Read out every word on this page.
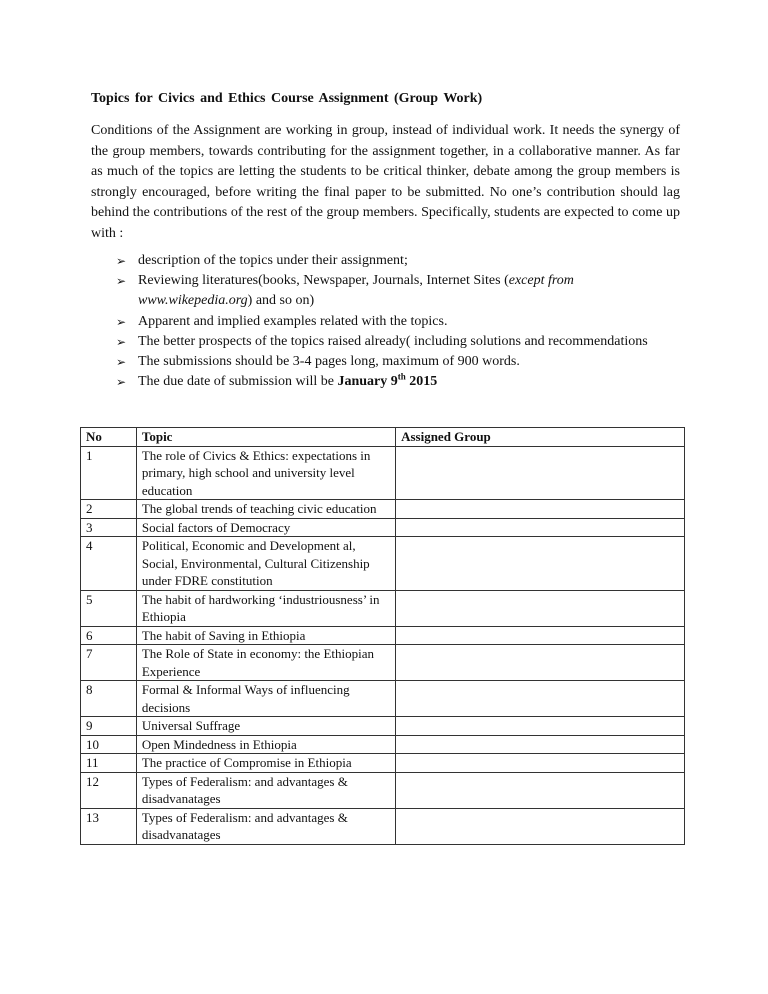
Topics for Civics and Ethics Course Assignment (Group Work)

Conditions of the Assignment are working in group, instead of individual work. It needs the synergy of the group members, towards contributing for the assignment together, in a collaborative manner. As far as much of the topics are letting the students to be critical thinker, debate among the group members is strongly encouraged, before writing the final paper to be submitted. No one’s contribution should lag behind the contributions of the rest of the group members. Specifically, students are expected to come up with :

➢ description of the topics under their assignment;
➢ Reviewing literatures(books, Newspaper, Journals, Internet Sites (except from www.wikepedia.org) and so on)
➢ Apparent and implied examples related with the topics.
➢ The better prospects of the topics raised already( including solutions and recommendations
➢ The submissions should be 3-4 pages long, maximum of 900 words.
➢ The due date of submission will be January 9th 2015
No	Topic	Assigned Group
1	The role of Civics & Ethics: expectations in primary, high school and university level education	
2	The global trends of teaching civic education	
3	Social factors of Democracy	
4	Political, Economic and Development al, Social, Environmental, Cultural Citizenship under FDRE constitution	
5	The habit of hardworking ‘industriousness’ in Ethiopia	
6	The habit of Saving in Ethiopia	
7	The Role of State in economy: the Ethiopian Experience	
8	Formal & Informal Ways of influencing decisions	
9	Universal Suffrage	
10	Open Mindedness in Ethiopia	
11	The practice of Compromise in Ethiopia	
12	Types of Federalism: and advantages & disadvanatages	
13	Types of Federalism: and advantages & disadvanatages	
